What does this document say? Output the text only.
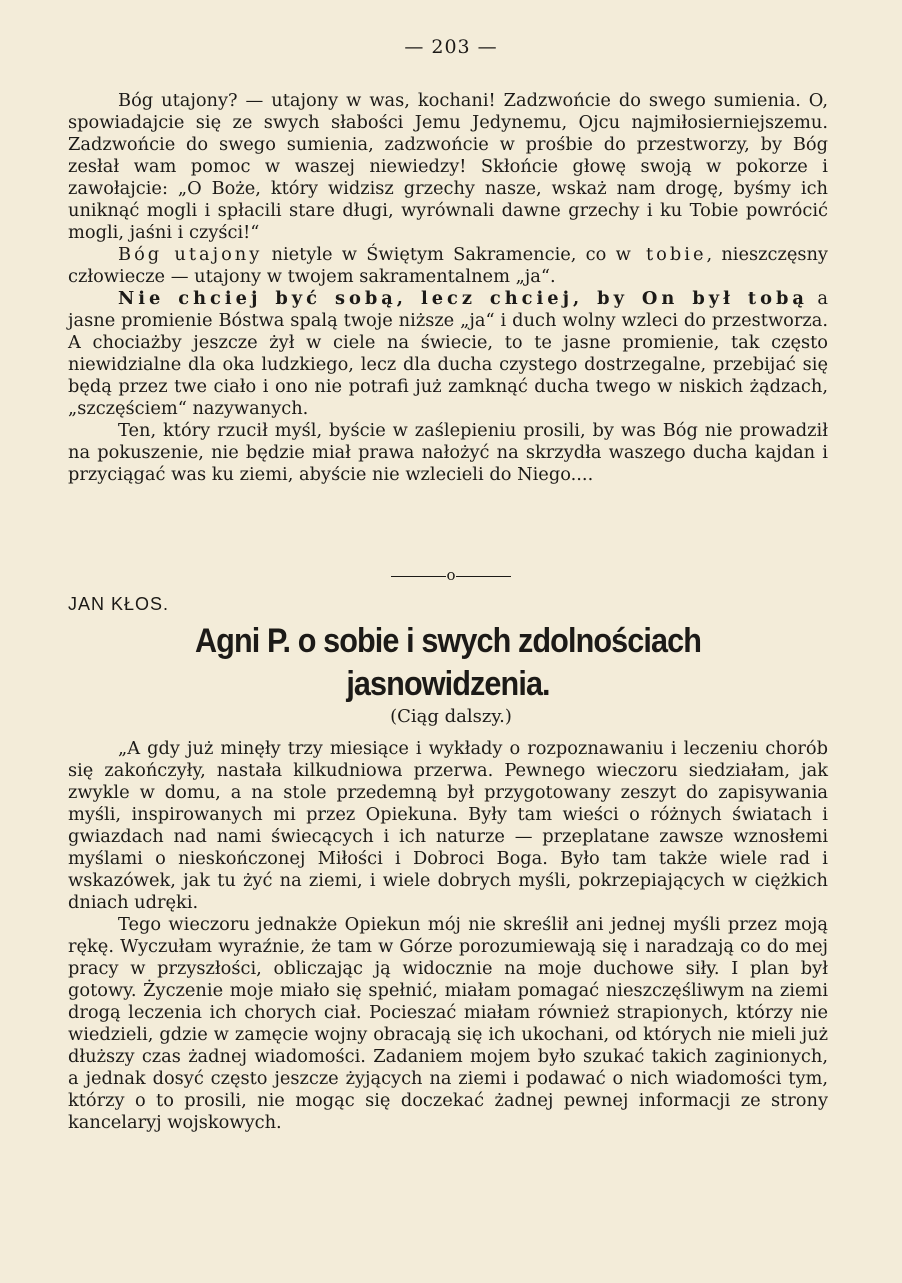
— 203 —

Bóg utajony? — utajony w was, kochani! Zadzwońcie do swego sumienia. O, spowiadajcie się ze swych słabości Jemu Jedynemu, Ojcu najmiłosierniejszemu. Zadzwońcie do swego sumienia, zadzwońcie w prośbie do przestworzy, by Bóg zesłał wam pomoc w waszej niewiedzy! Skłońcie głowę swoją w pokorze i zawołajcie: „O Boże, który widzisz grzechy nasze, wskaż nam drogę, byśmy ich uniknąć mogli i spłacili stare długi, wyrównali dawne grzechy i ku Tobie powrócić mogli, jaśni i czyści!“

Bóg utajony nietyle w Świętym Sakramencie, co w tobie, nieszczęsny człowiecze — utajony w twojem sakramentalnem „ja“.

Nie chciej być sobą, lecz chciej, by On był tobą a jasne promienie Bóstwa spalą twoje niższe „ja“ i duch wolny wzleci do przestworza. A chociażby jeszcze żył w ciele na świecie, to te jasne promienie, tak często niewidzialne dla oka ludzkiego, lecz dla ducha czystego dostrzegalne, przebijać się będą przez twe ciało i ono nie potrafi już zamknąć ducha twego w niskich żądzach, „szczęściem“ nazywanych.

Ten, który rzucił myśl, byście w zaślepieniu prosili, by was Bóg nie prowadził na pokuszenie, nie będzie miał prawa nałożyć na skrzydła waszego ducha kajdan i przyciągać was ku ziemi, abyście nie wzlecieli do Niego....

o
JAN KŁOS.
Agni P. o sobie i swych zdolnościach jasnowidzenia.
(Ciąg dalszy.)

„A gdy już minęły trzy miesiące i wykłady o rozpoznawaniu i leczeniu chorób się zakończyły, nastała kilkudniowa przerwa. Pewnego wieczoru siedziałam, jak zwykle w domu, a na stole przedemną był przygotowany zeszyt do zapisywania myśli, inspirowanych mi przez Opiekuna. Były tam wieści o różnych światach i gwiazdach nad nami świecących i ich naturze — przeplatane zawsze wznosłemi myślami o nieskończonej Miłości i Dobroci Boga. Było tam także wiele rad i wskazówek, jak tu żyć na ziemi, i wiele dobrych myśli, pokrzepiających w ciężkich dniach udręki.

Tego wieczoru jednakże Opiekun mój nie skreślił ani jednej myśli przez moją rękę. Wyczułam wyraźnie, że tam w Górze porozumiewają się i naradzają co do mej pracy w przyszłości, obliczając ją widocznie na moje duchowe siły. I plan był gotowy. Życzenie moje miało się spełnić, miałam pomagać nieszczęśliwym na ziemi drogą leczenia ich chorych ciał. Pocieszać miałam również strapionych, którzy nie wiedzieli, gdzie w zamęcie wojny obracają się ich ukochani, od których nie mieli już dłuższy czas żadnej wiadomości. Zadaniem mojem było szukać takich zaginionych, a jednak dosyć często jeszcze żyjących na ziemi i podawać o nich wiadomości tym, którzy o to prosili, nie mogąc się doczekać żadnej pewnej informacji ze strony kancelaryj wojskowych.
